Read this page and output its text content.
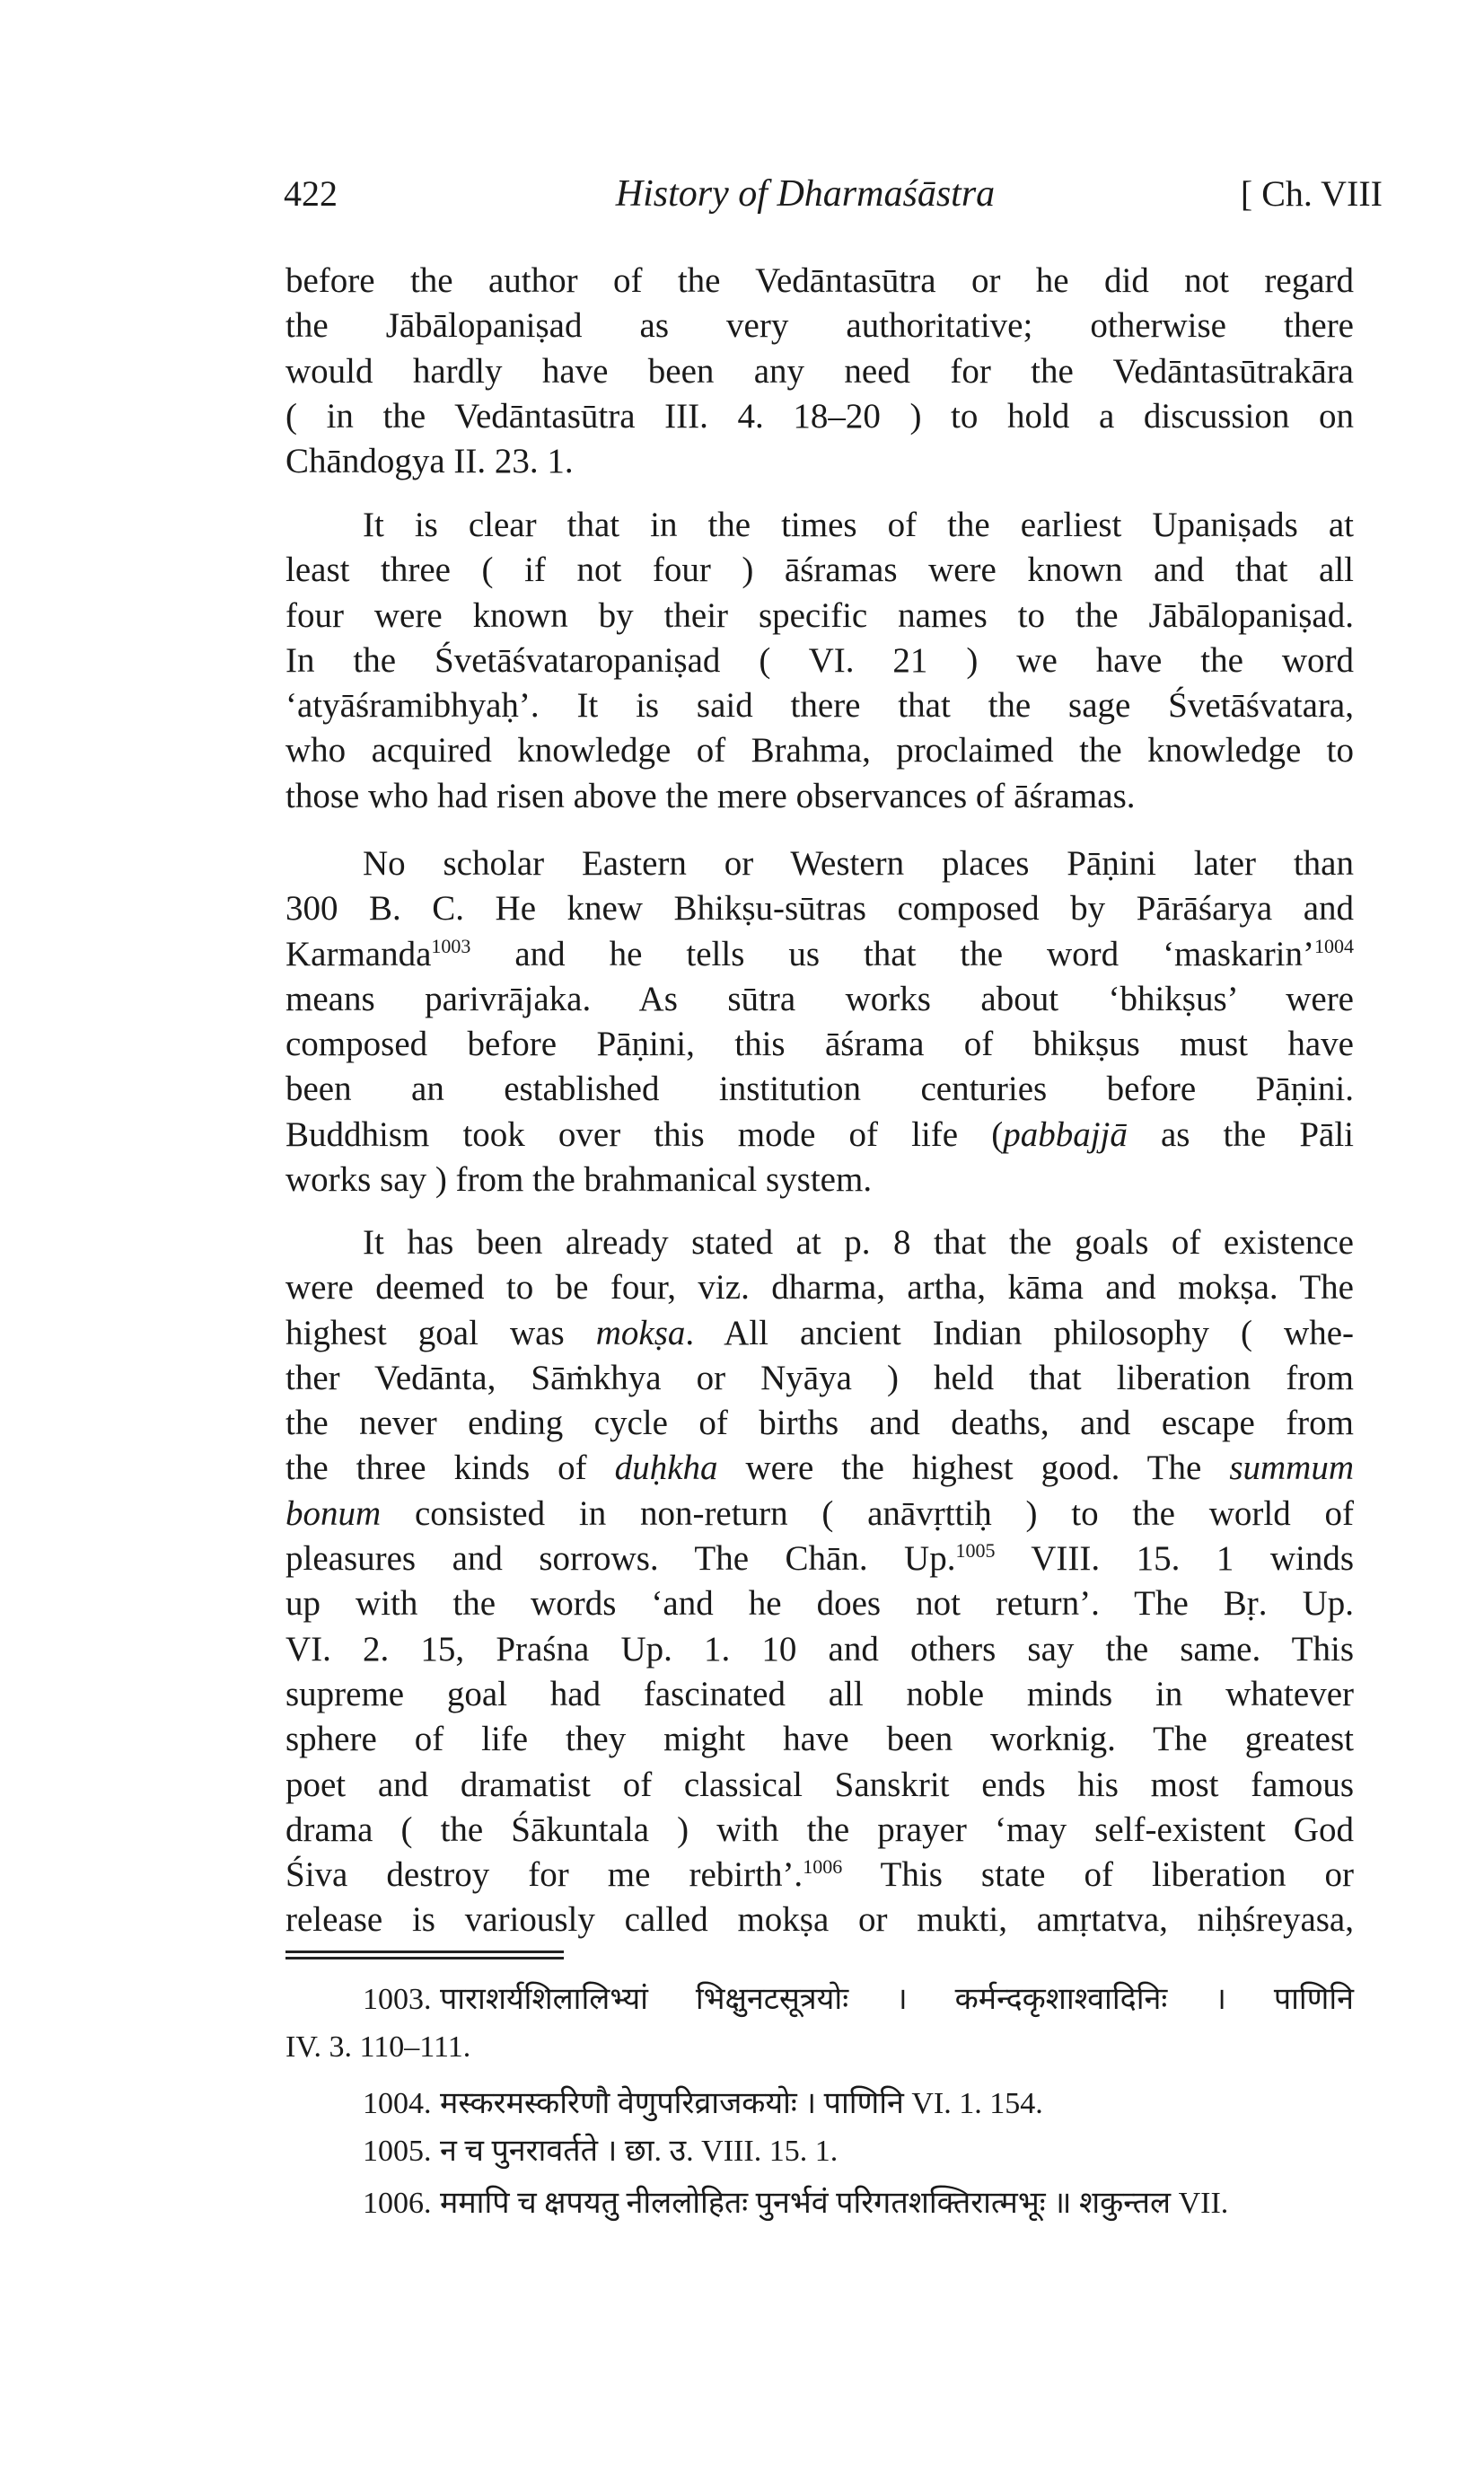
422	History of Dharmaśāstra	[ Ch. VIII
before the author of the Vedāntasūtra or he did not regard
the Jābālopaniṣad as very authoritative; otherwise there
would hardly have been any need for the Vedāntasūtrakāra
( in the Vedāntasūtra III. 4. 18–20 ) to hold a discussion on
Chāndogya II. 23. 1.
It is clear that in the times of the earliest Upaniṣads at
least three ( if not four ) āśramas were known and that all
four were known by their specific names to the Jābālopaniṣad.
In the Śvetāśvataropaniṣad ( VI. 21 ) we have the word
‘atyāśramibhyaḥ’. It is said there that the sage Śvetāśvatara,
who acquired knowledge of Brahma, proclaimed the knowledge to
those who had risen above the mere observances of āśramas.
No scholar Eastern or Western places Pāṇini later than
300 B. C. He knew Bhikṣu-sūtras composed by Pārāśarya and
Karmanda$^{1003}$ and he tells us that the word ‘maskarin’$^{1004}$
means parivrājaka. As sūtra works about ‘bhikṣus’ were
composed before Pāṇini, this āśrama of bhikṣus must have
been an established institution centuries before Pāṇini.
Buddhism took over this mode of life (pabbajjā as the Pāli
works say ) from the brahmanical system.
It has been already stated at p. 8 that the goals of existence
were deemed to be four, viz. dharma, artha, kāma and mokṣa. The
highest goal was mokṣa. All ancient Indian philosophy ( whe-
ther Vedānta, Sāṁkhya or Nyāya ) held that liberation from
the never ending cycle of births and deaths, and escape from
the three kinds of duḥkha were the highest good. The summum
bonum consisted in non-return ( anāvṛttiḥ ) to the world of
pleasures and sorrows. The Chān. Up.$^{1005}$ VIII. 15. 1 winds
up with the words ‘and he does not return’. The Bṛ. Up.
VI. 2. 15, Praśna Up. 1. 10 and others say the same. This
supreme goal had fascinated all noble minds in whatever
sphere of life they might have been worknig. The greatest
poet and dramatist of classical Sanskrit ends his most famous
drama ( the Śākuntala ) with the prayer ‘may self-existent God
Śiva destroy for me rebirth’.$^{1006}$ This state of liberation or
release is variously called mokṣa or mukti, amṛtatva, niḥśreyasa,
1003. पाराशर्यशिलालिभ्यां भिक्षुनटसूत्रयोः । कर्मन्दकृशाश्वादिनिः । पाणिनि
IV. 3. 110–111.
1004. मस्करमस्करिणौ वेणुपरिव्राजकयोः । पाणिनि VI. 1. 154.
1005. न च पुनरावर्तते । छा. उ. VIII. 15. 1.
1006. ममापि च क्षपयतु नीललोहितः पुनर्भवं परिगतशक्तिरात्मभूः ॥ शकुन्तल VII.
